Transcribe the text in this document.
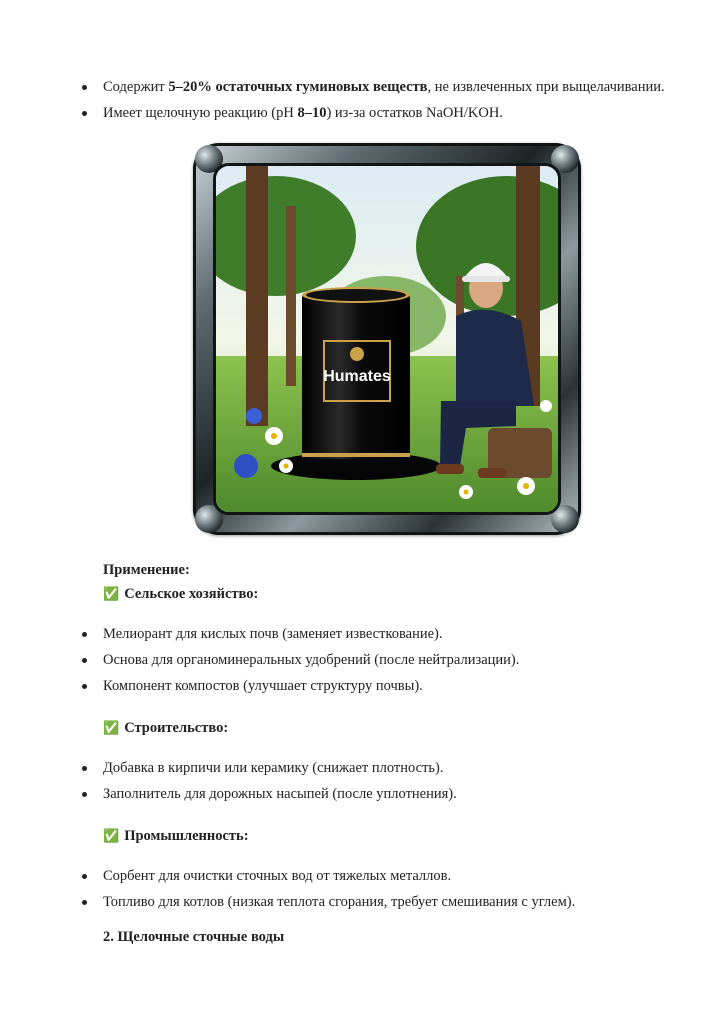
Содержит 5–20% остаточных гуминовых веществ, не извлеченных при выщелачивании.
Имеет щелочную реакцию (pH 8–10) из-за остатков NaOH/KOH.
Humates
Применение:
✅ Сельское хозяйство:
Мелиорант для кислых почв (заменяет известкование).
Основа для органоминеральных удобрений (после нейтрализации).
Компонент компостов (улучшает структуру почвы).
✅ Строительство:
Добавка в кирпичи или керамику (снижает плотность).
Заполнитель для дорожных насыпей (после уплотнения).
✅ Промышленность:
Сорбент для очистки сточных вод от тяжелых металлов.
Топливо для котлов (низкая теплота сгорания, требует смешивания с углем).
2. Щелочные сточные воды
